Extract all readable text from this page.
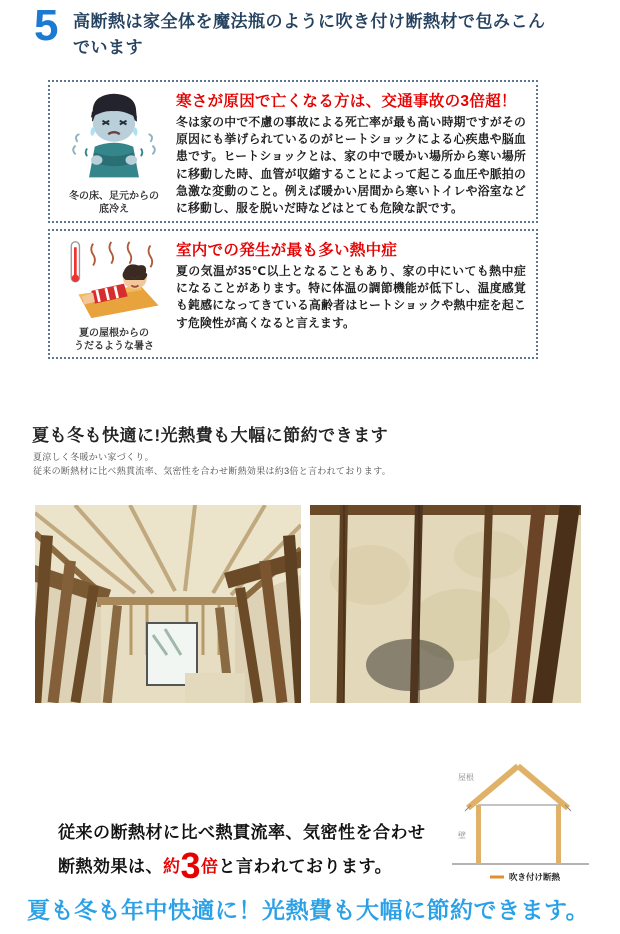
5 高断熱は家全体を魔法瓶のように吹き付け断熱材で包みこんでいます
冬の床、足元からの
底冷え
寒さが原因で亡くなる方は、交通事故の3倍超！
冬は家の中で不慮の事故による死亡率が最も高い時期ですがその原因にも挙げられているのがヒートショックによる心疾患や脳血患です。ヒートショックとは、家の中で暖かい場所から寒い場所に移動した時、血管が収縮することによって起こる血圧や脈拍の急激な変動のこと。例えば暖かい居間から寒いトイレや浴室などに移動し、服を脱いだ時などはとても危険な訳です。
夏の屋根からの
うだるような暑さ
室内での発生が最も多い熱中症
夏の気温が35℃以上となることもあり、家の中にいても熱中症になることがあります。特に体温の調節機能が低下し、温度感覚も鈍感になってきている高齢者はヒートショックや熱中症を起こす危険性が高くなると言えます。
夏も冬も快適に!光熱費も大幅に節約できます
夏涼しく冬暖かい家づくり。
従来の断熱材に比べ熱貫流率、気密性を合わせ断熱効果は約3倍と言われております。
従来の断熱材に比べ熱貫流率、気密性を合わせ
断熱効果は、約3倍と言われております。
屋根
壁
吹き付け断熱
夏も冬も年中快適に！光熱費も大幅に節約できます。
